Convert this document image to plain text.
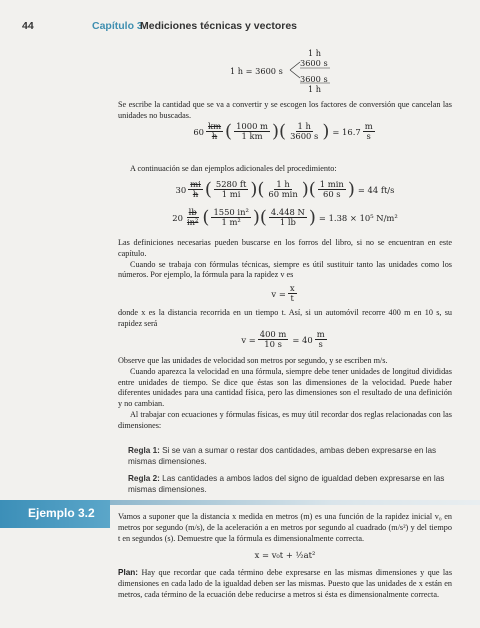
44	Capítulo 3
Mediciones técnicas y vectores
1 h
3600 s
1 h = 3600 s
3600 s
1 h

Se escribe la cantidad que se va a convertir y se escogen los factores de conversión que cancelan las unidades no buscadas.

$60 \frac{km}{h}$ ( $\frac{1000 m}{1 km}$ ) ( $\frac{1 h}{3600 s}$ ) = $16.7 \frac{m}{s}$

A continuación se dan ejemplos adicionales del procedimiento:

$30 \frac{mi}{h}$ ( $\frac{5280 ft}{1 mi}$ ) ( $\frac{1 h}{60 \min}$ ) ( $\frac{1 \min}{60 s}$ ) = 44 ft/s
$20 \frac{lb}{\text{in²}}$ ( $\frac{\text{1550 in²}}{\text{1 m²}}$ ) ( $\frac{4.448 N}{1 lb}$ ) = 1.38 × 10⁵ N/m²

Las definiciones necesarias pueden buscarse en los forros del libro, si no se encuentran en este capítulo.

Cuando se trabaja con fórmulas técnicas, siempre es útil sustituir tanto las unidades como los números. Por ejemplo, la fórmula para la rapidez v es

$v = \frac{x}{t}$

donde x es la distancia recorrida en un tiempo t. Así, si un automóvil recorre 400 m en 10 s, su rapidez será

$v = \frac{400 m}{10 s} = 40 \frac{m}{s}$

Observe que las unidades de velocidad son metros por segundo, y se escriben m/s.

Cuando aparezca la velocidad en una fórmula, siempre debe tener unidades de longitud divididas entre unidades de tiempo. Se dice que éstas son las dimensiones de la velocidad. Puede haber diferentes unidades para una cantidad física, pero las dimensiones son el resultado de una definición y no cambian.

Al trabajar con ecuaciones y fórmulas físicas, es muy útil recordar dos reglas relacionadas con las dimensiones:

Regla 1: Si se van a sumar o restar dos cantidades, ambas deben expresarse en las mismas dimensiones.
Regla 2: Las cantidades a ambos lados del signo de igualdad deben expresarse en las mismas dimensiones.
Ejemplo 3.2	Vamos a suponer que la distancia x medida en metros (m) es una función de la rapidez inicial v₀ en metros por segundo (m/s), de la aceleración a en metros por segundo al cuadrado (m/s²) y del tiempo t en segundos (s). Demuestre que la fórmula es dimensionalmente correcta.

x = v₀t + ½at²

Plan: Hay que recordar que cada término debe expresarse en las mismas dimensiones y que las dimensiones en cada lado de la igualdad deben ser las mismas. Puesto que las unidades de x están en metros, cada término de la ecuación debe reducirse a metros si ésta es dimensionalmente correcta.
